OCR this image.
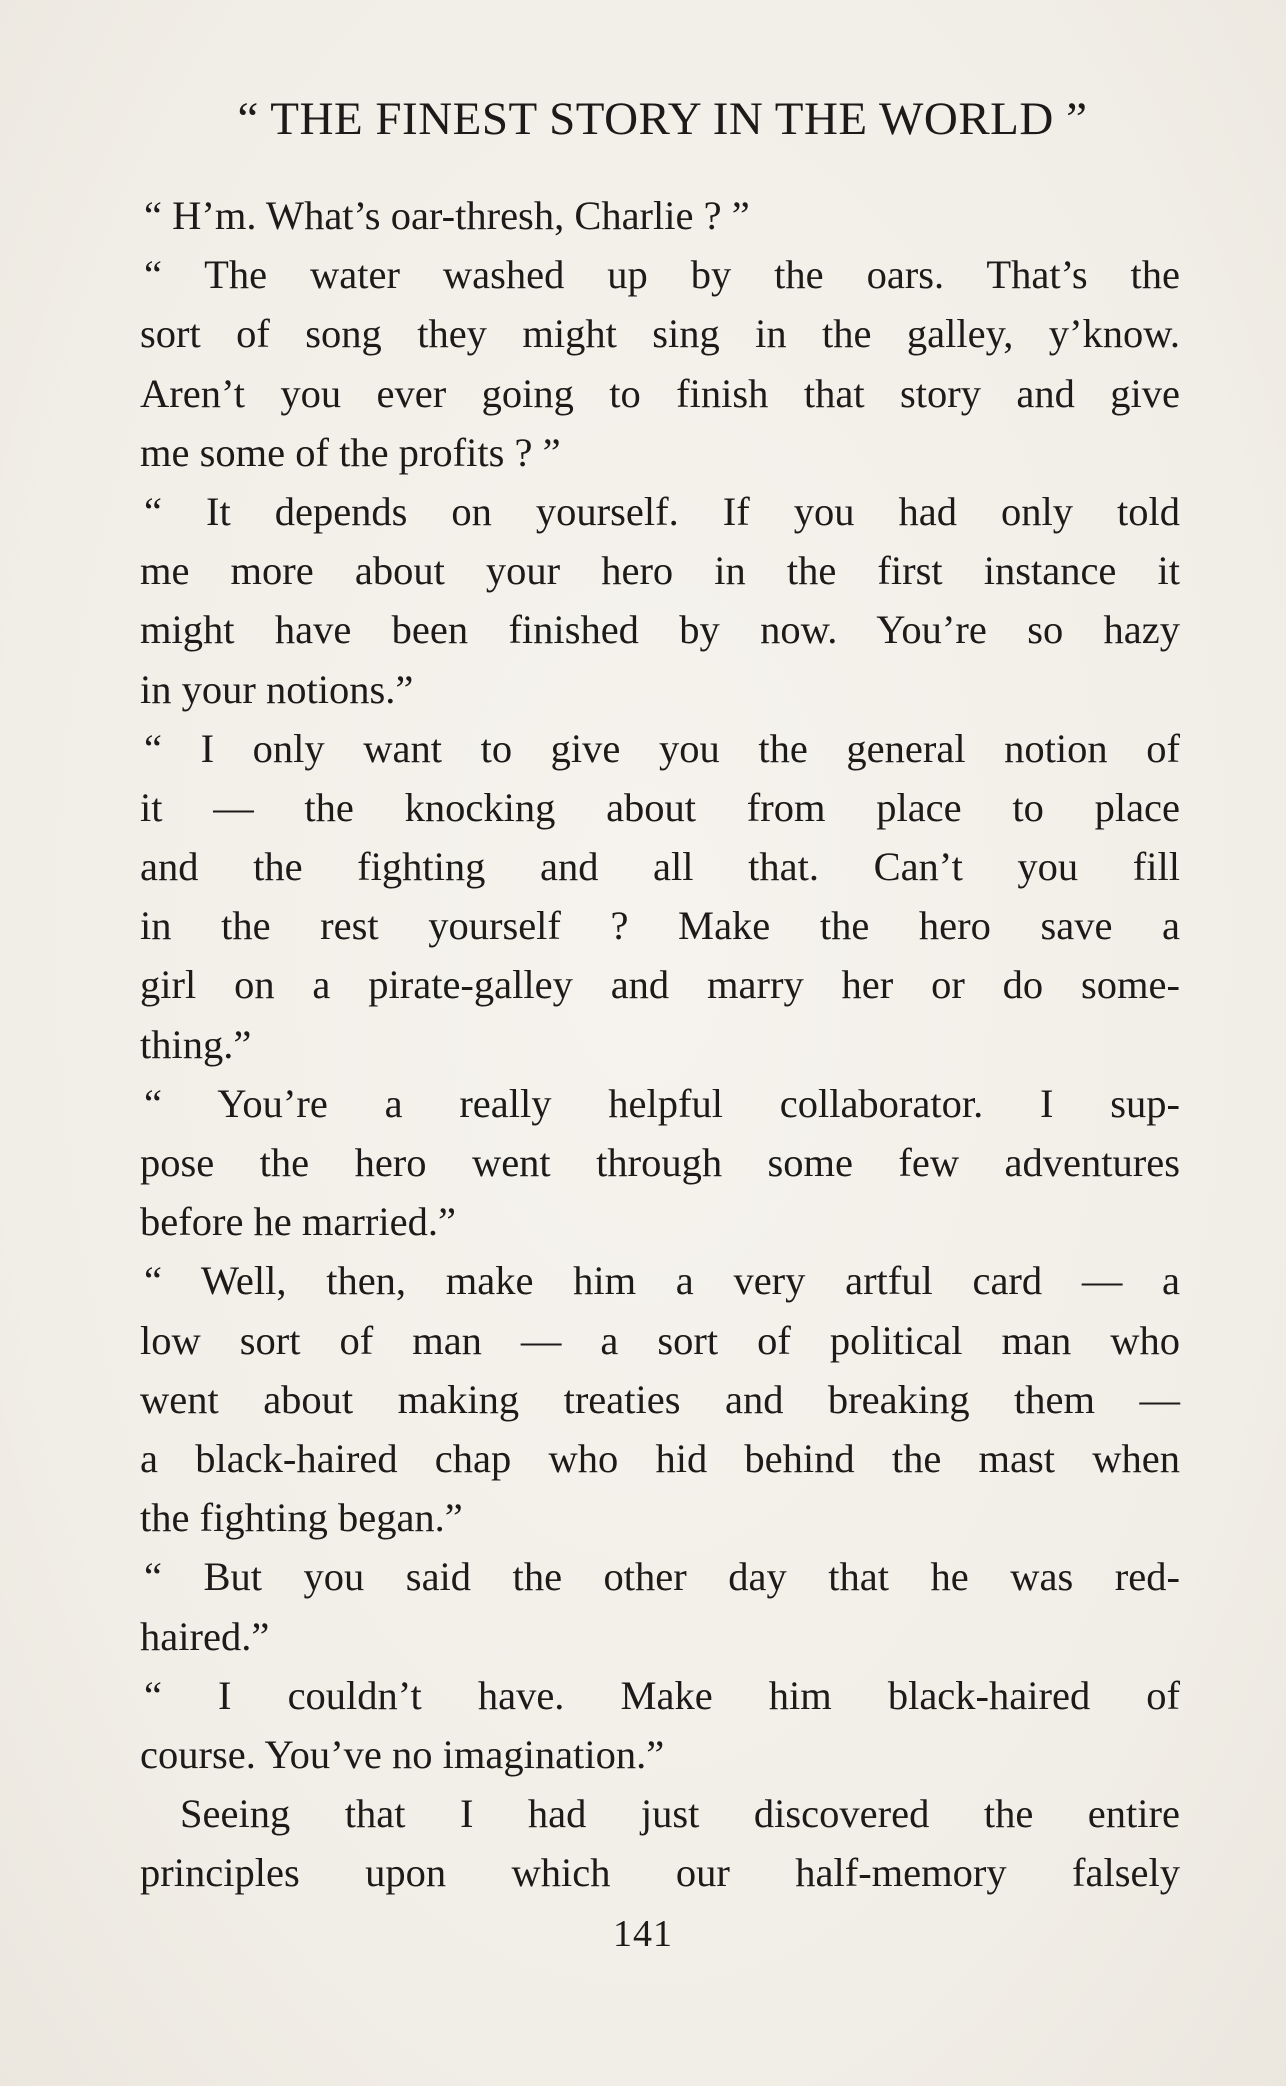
“ THE FINEST STORY IN THE WORLD ”
“ H’m. What’s oar-thresh, Charlie ? ”
“ The water washed up by the oars. That’s the
sort of song they might sing in the galley, y’know.
Aren’t you ever going to finish that story and give
me some of the profits ? ”
“ It depends on yourself. If you had only told
me more about your hero in the first instance it
might have been finished by now. You’re so hazy
in your notions.”
“ I only want to give you the general notion of
it — the knocking about from place to place
and the fighting and all that. Can’t you fill
in the rest yourself ? Make the hero save a
girl on a pirate-galley and marry her or do some-
thing.”
“ You’re a really helpful collaborator. I sup-
pose the hero went through some few adventures
before he married.”
“ Well, then, make him a very artful card — a
low sort of man — a sort of political man who
went about making treaties and breaking them —
a black-haired chap who hid behind the mast when
the fighting began.”
“ But you said the other day that he was red-
haired.”
“ I couldn’t have. Make him black-haired of
course. You’ve no imagination.”
Seeing that I had just discovered the entire
principles upon which our half-memory falsely
141
